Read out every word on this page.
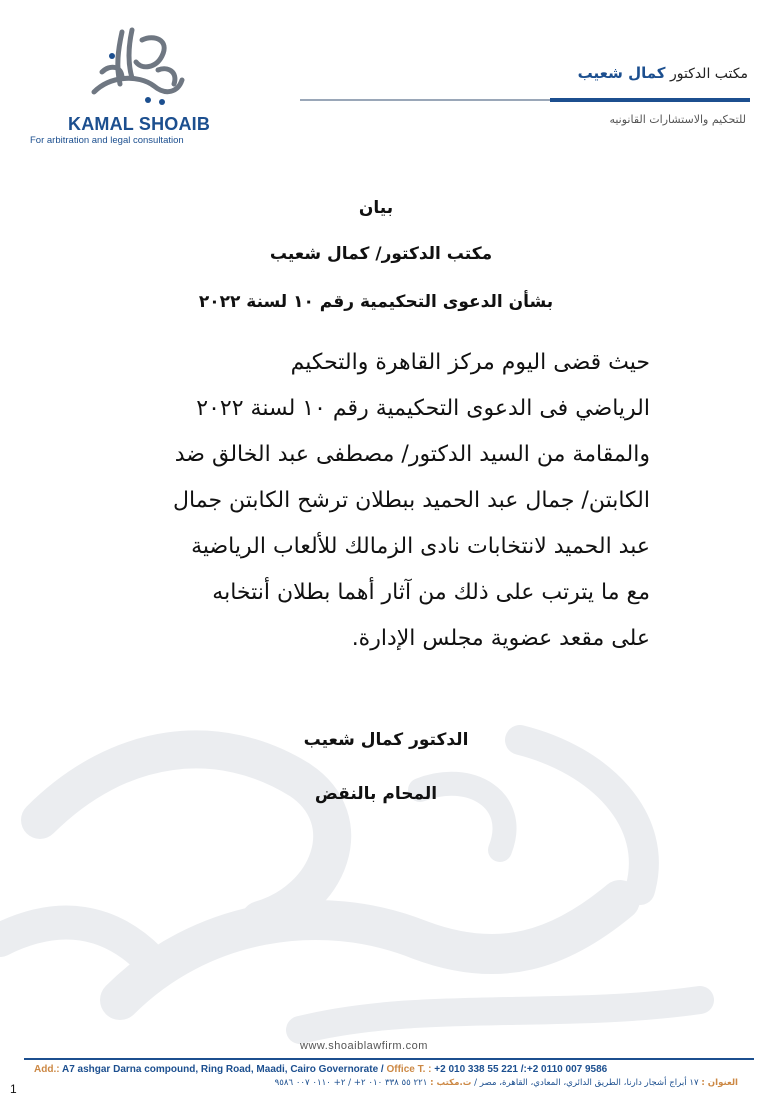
KAMAL SHOAIB
For arbitration and legal consultation
مكتب الدكتور كمال شعيب
للتحكيم والاستشارات القانونيه
بيان
مكتب الدكتور/ كمال شعيب
بشأن الدعوى التحكيمية رقم ١٠ لسنة ٢٠٢٢
حيث قضى اليوم مركز القاهرة والتحكيم
الرياضي فى الدعوى التحكيمية رقم ١٠ لسنة ٢٠٢٢
والمقامة من السيد الدكتور/ مصطفى عبد الخالق ضد
الكابتن/ جمال عبد الحميد ببطلان ترشح الكابتن جمال
عبد الحميد لانتخابات نادى الزمالك للألعاب الرياضية
مع ما يترتب على ذلك من آثار أهما بطلان أنتخابه
على مقعد عضوية مجلس الإدارة.
الدكتور كمال شعيب
المحام بالنقض
www.shoaiblawfirm.com
Add.: A7 ashgar Darna compound, Ring Road, Maadi, Cairo Governorate / Office T. : +2 010 338 55 221 /:+2 0110 007 9586
العنوان : ١٧ أبراج أشجار دارنا، الطريق الدائري، المعادي، القاهرة، مصر / ت.مكتب : ٢٢١ ٥٥ ٣٣٨ ٠١٠ ٢+ / ٢+ ٠١١٠ ٠٠٧ ٩٥٨٦
1
